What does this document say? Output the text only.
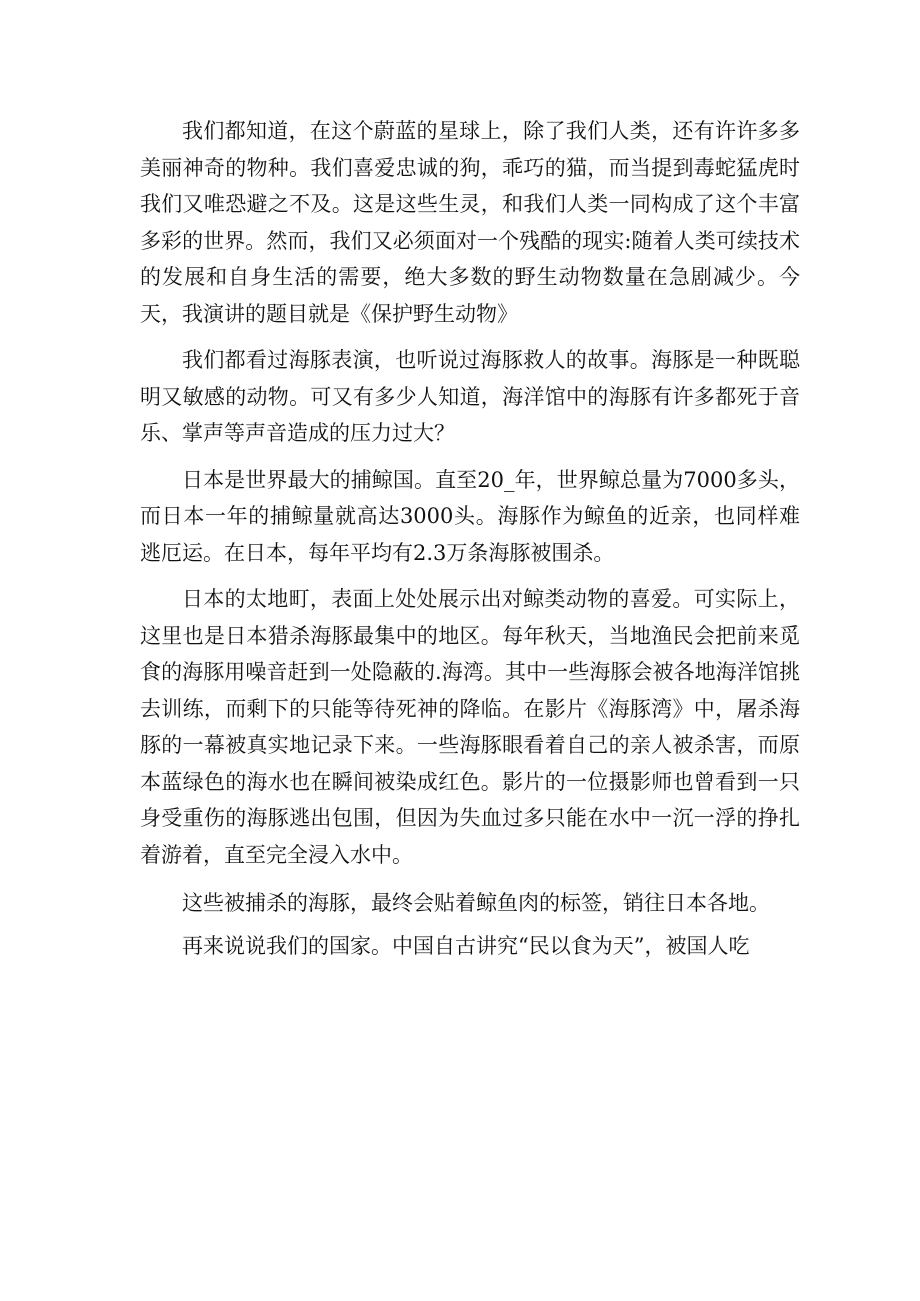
我们都知道，在这个蔚蓝的星球上，除了我们人类，还有许许多多美丽神奇的物种。我们喜爱忠诚的狗，乖巧的猫，而当提到毒蛇猛虎时我们又唯恐避之不及。这是这些生灵，和我们人类一同构成了这个丰富多彩的世界。然而，我们又必须面对一个残酷的现实:随着人类可续技术的发展和自身生活的需要，绝大多数的野生动物数量在急剧减少。今天，我演讲的题目就是《保护野生动物》

我们都看过海豚表演，也听说过海豚救人的故事。海豚是一种既聪明又敏感的动物。可又有多少人知道，海洋馆中的海豚有许多都死于音乐、掌声等声音造成的压力过大？

日本是世界最大的捕鲸国。直至20_年，世界鲸总量为7000多头，而日本一年的捕鲸量就高达3000头。海豚作为鲸鱼的近亲，也同样难逃厄运。在日本，每年平均有2.3万条海豚被围杀。

日本的太地町，表面上处处展示出对鲸类动物的喜爱。可实际上，这里也是日本猎杀海豚最集中的地区。每年秋天，当地渔民会把前来觅食的海豚用噪音赶到一处隐蔽的.海湾。其中一些海豚会被各地海洋馆挑去训练，而剩下的只能等待死神的降临。在影片《海豚湾》中，屠杀海豚的一幕被真实地记录下来。一些海豚眼看着自己的亲人被杀害，而原本蓝绿色的海水也在瞬间被染成红色。影片的一位摄影师也曾看到一只身受重伤的海豚逃出包围，但因为失血过多只能在水中一沉一浮的挣扎着游着，直至完全浸入水中。

这些被捕杀的海豚，最终会贴着鲸鱼肉的标签，销往日本各地。

再来说说我们的国家。中国自古讲究“民以食为天”，被国人吃
